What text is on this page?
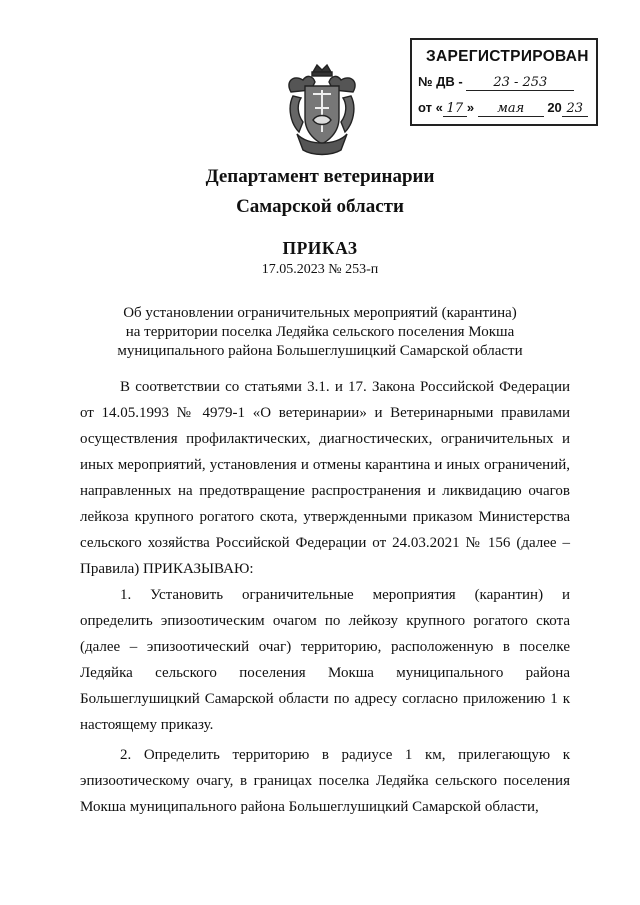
ЗАРЕГИСТРИРОВАН
№ ДВ - 23 - 253
от « 17 » мая 20 23
Департамент ветеринарии
Самарской области
ПРИКАЗ
17.05.2023 № 253-п
Об установлении ограничительных мероприятий (карантина)
на территории поселка Ледяйка сельского поселения Мокша
муниципального района Большеглушицкий Самарской области

В соответствии со статьями 3.1. и 17. Закона Российской Федерации от 14.05.1993 № 4979-1 «О ветеринарии» и Ветеринарными правилами осуществления профилактических, диагностических, ограничительных и иных мероприятий, установления и отмены карантина и иных ограничений, направленных на предотвращение распространения и ликвидацию очагов лейкоза крупного рогатого скота, утвержденными приказом Министерства сельского хозяйства Российской Федерации от 24.03.2021 № 156 (далее – Правила) ПРИКАЗЫВАЮ:

1. Установить ограничительные мероприятия (карантин) и определить эпизоотическим очагом по лейкозу крупного рогатого скота (далее – эпизоотический очаг) территорию, расположенную в поселке Ледяйка сельского поселения Мокша муниципального района Большеглушицкий Самарской области по адресу согласно приложению 1 к настоящему приказу.

2. Определить территорию в радиусе 1 км, прилегающую к эпизоотическому очагу, в границах поселка Ледяйка сельского поселения Мокша муниципального района Большеглушицкий Самарской области,
